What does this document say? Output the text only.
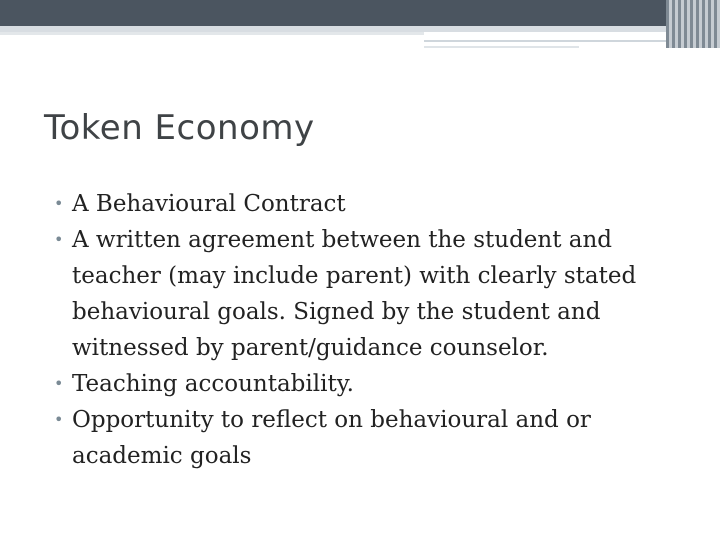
Token Economy
• A Behavioural Contract
• A written agreement between the student and teacher (may include parent) with clearly stated behavioural goals. Signed by the student and witnessed by parent/guidance counselor.
• Teaching accountability.
• Opportunity to reflect on behavioural and or academic goals
